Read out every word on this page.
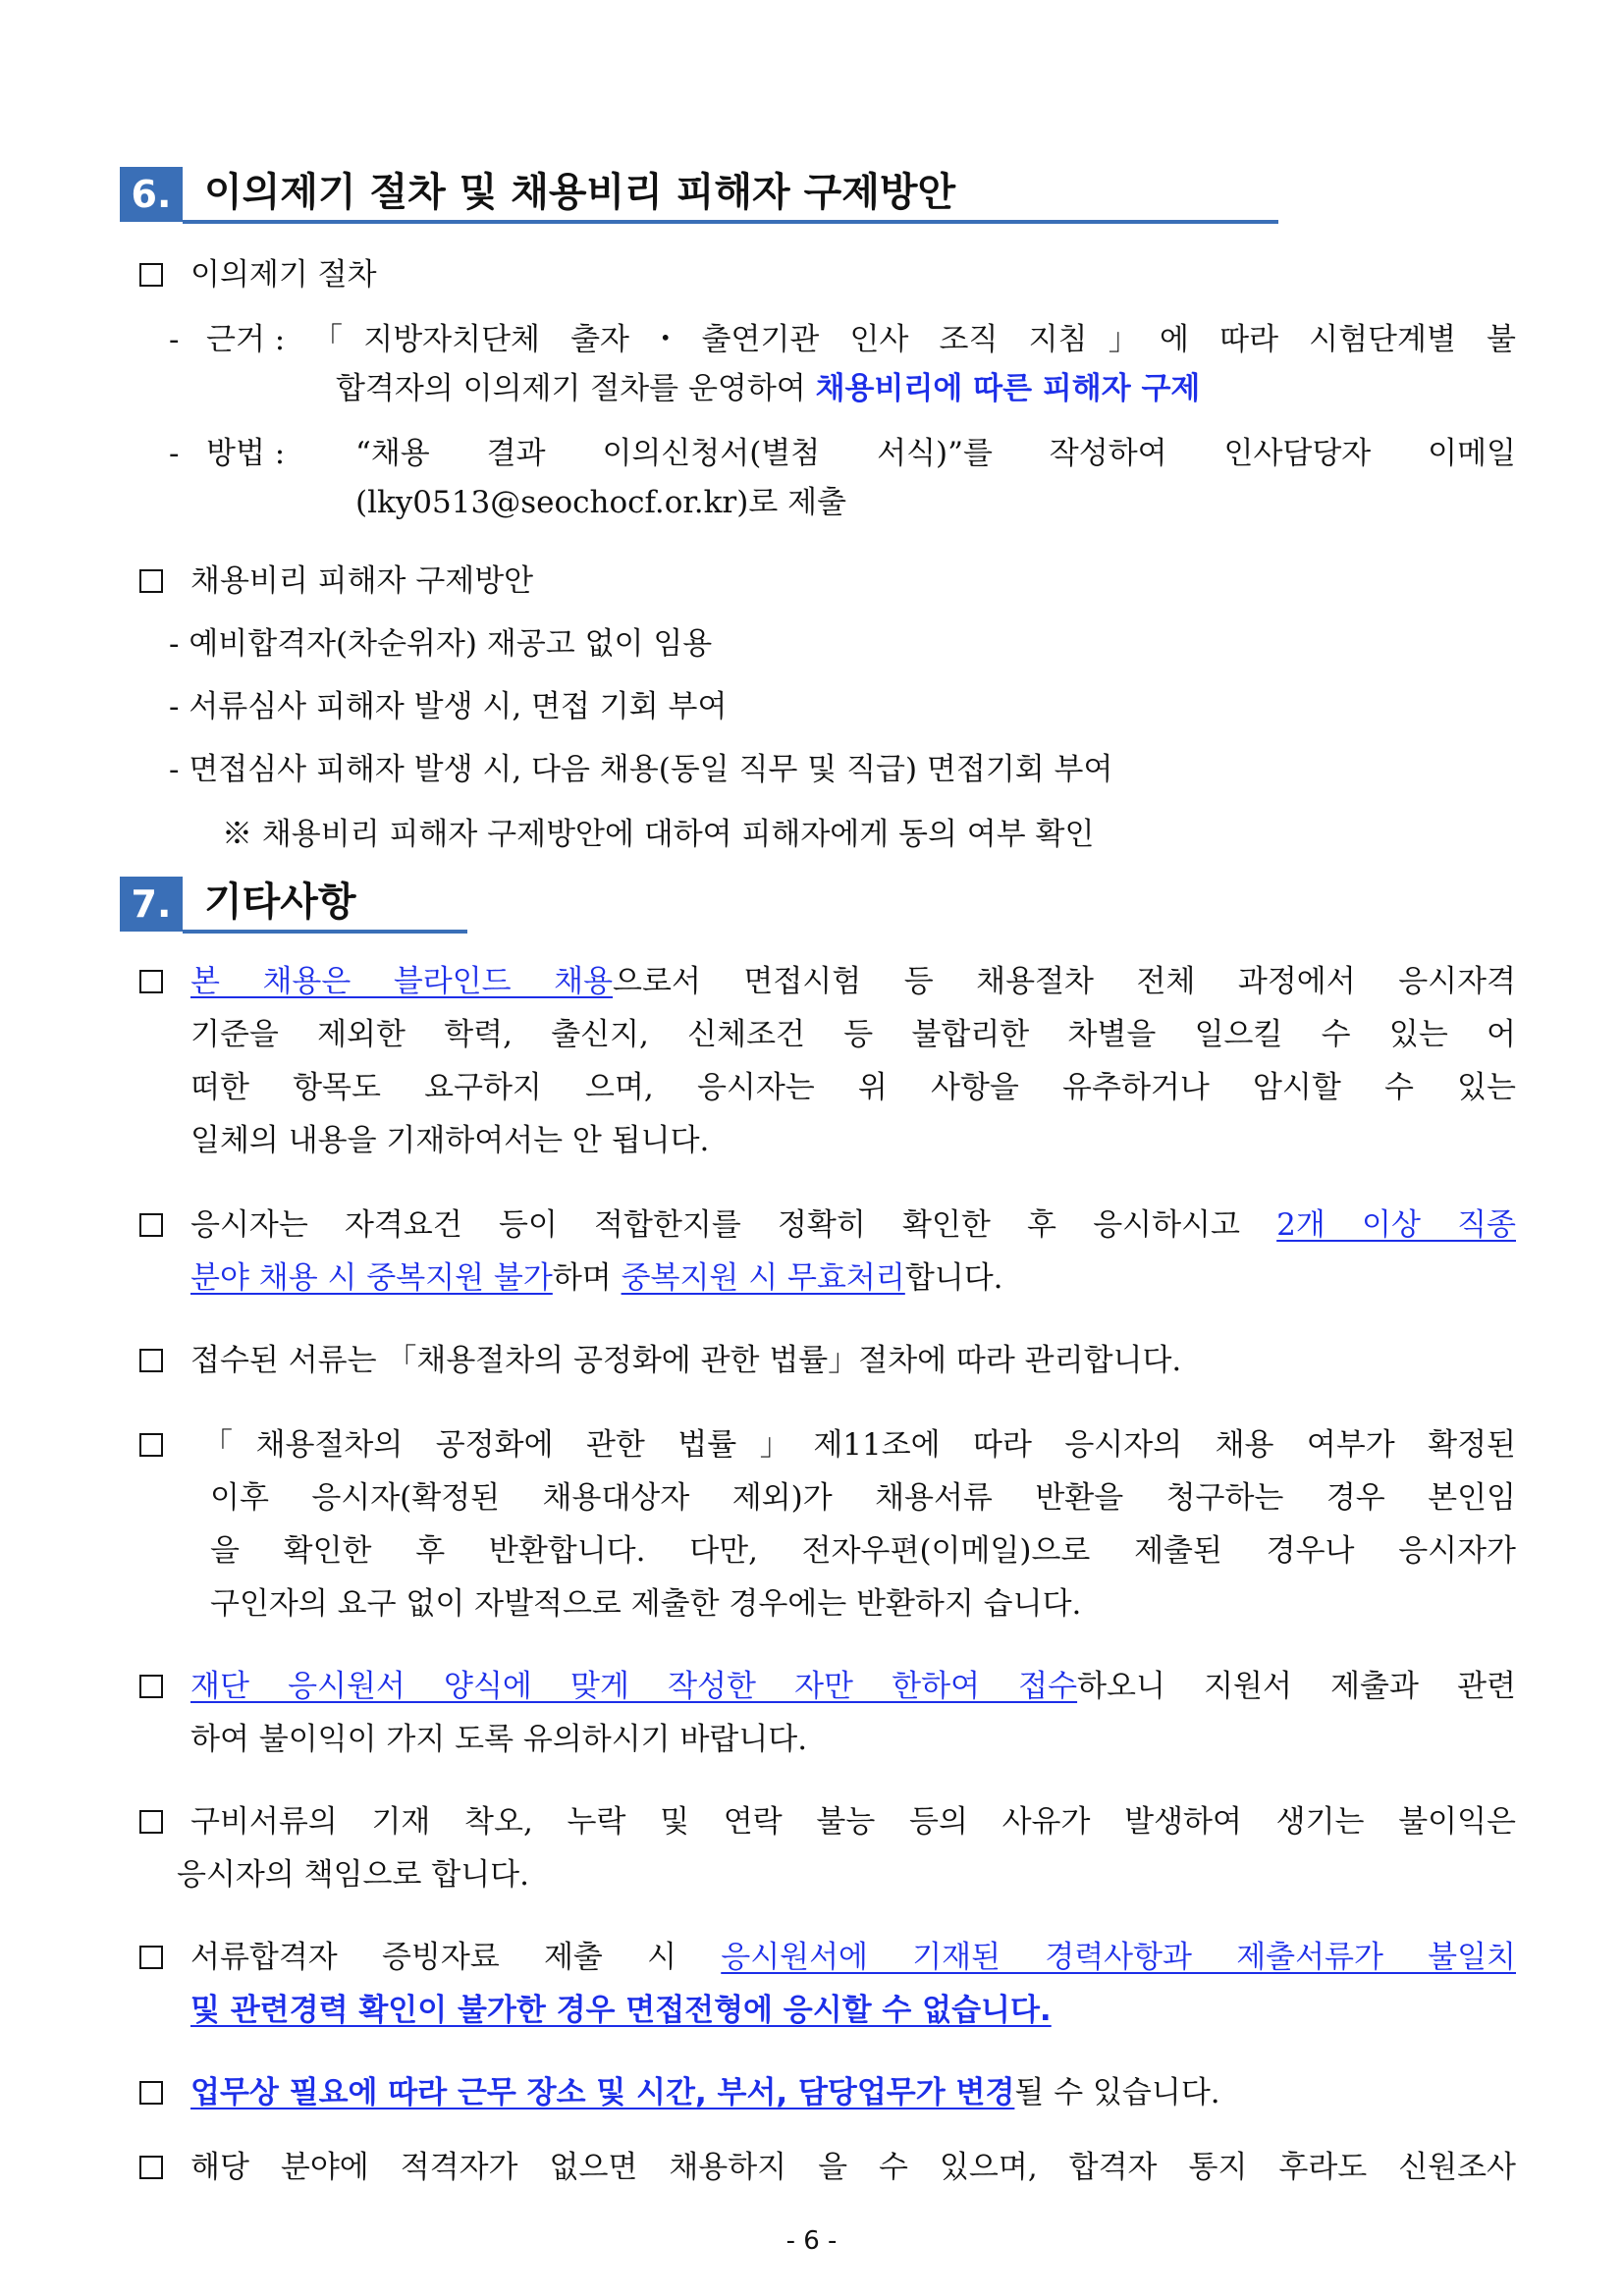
6. 이의제기 절차 및 채용비리 피해자 구제방안
이의제기 절차
- 근거 : 「지방자치단체 출자・출연기관 인사 조직 지침」에 따라 시험단계별 불
합격자의 이의제기 절차를 운영하여 채용비리에 따른 피해자 구제
- 방법 : “채용 결과 이의신청서(별첨 서식)”를 작성하여 인사담당자 이메일
(lky0513@seochocf.or.kr)로 제출
채용비리 피해자 구제방안
- 예비합격자(차순위자) 재공고 없이 임용
- 서류심사 피해자 발생 시, 면접 기회 부여
- 면접심사 피해자 발생 시, 다음 채용(동일 직무 및 직급) 면접기회 부여
※ 채용비리 피해자 구제방안에 대하여 피해자에게 동의 여부 확인
7. 기타사항
본 채용은 블라인드 채용으로서 면접시험 등 채용절차 전체 과정에서 응시자격
기준을 제외한 학력, 출신지, 신체조건 등 불합리한 차별을 일으킬 수 있는 어
떠한 항목도 요구하지 으며, 응시자는 위 사항을 유추하거나 암시할 수 있는
일체의 내용을 기재하여서는 안 됩니다.
응시자는 자격요건 등이 적합한지를 정확히 확인한 후 응시하시고 2개 이상 직종
분야 채용 시 중복지원 불가하며 중복지원 시 무효처리합니다.
접수된 서류는 「채용절차의 공정화에 관한 법률」절차에 따라 관리합니다.
「채용절차의 공정화에 관한 법률」제11조에 따라 응시자의 채용 여부가 확정된
이후 응시자(확정된 채용대상자 제외)가 채용서류 반환을 청구하는 경우 본인임
을 확인한 후 반환합니다. 다만, 전자우편(이메일)으로 제출된 경우나 응시자가
구인자의 요구 없이 자발적으로 제출한 경우에는 반환하지 습니다.
재단 응시원서 양식에 맞게 작성한 자만 한하여 접수하오니 지원서 제출과 관련
하여 불이익이 가지 도록 유의하시기 바랍니다.
구비서류의 기재 착오, 누락 및 연락 불능 등의 사유가 발생하여 생기는 불이익은
응시자의 책임으로 합니다.
서류합격자 증빙자료 제출 시 응시원서에 기재된 경력사항과 제출서류가 불일치
및 관련경력 확인이 불가한 경우 면접전형에 응시할 수 없습니다.
업무상 필요에 따라 근무 장소 및 시간, 부서, 담당업무가 변경될 수 있습니다.
해당 분야에 적격자가 없으면 채용하지 을 수 있으며, 합격자 통지 후라도 신원조사
- 6 -
